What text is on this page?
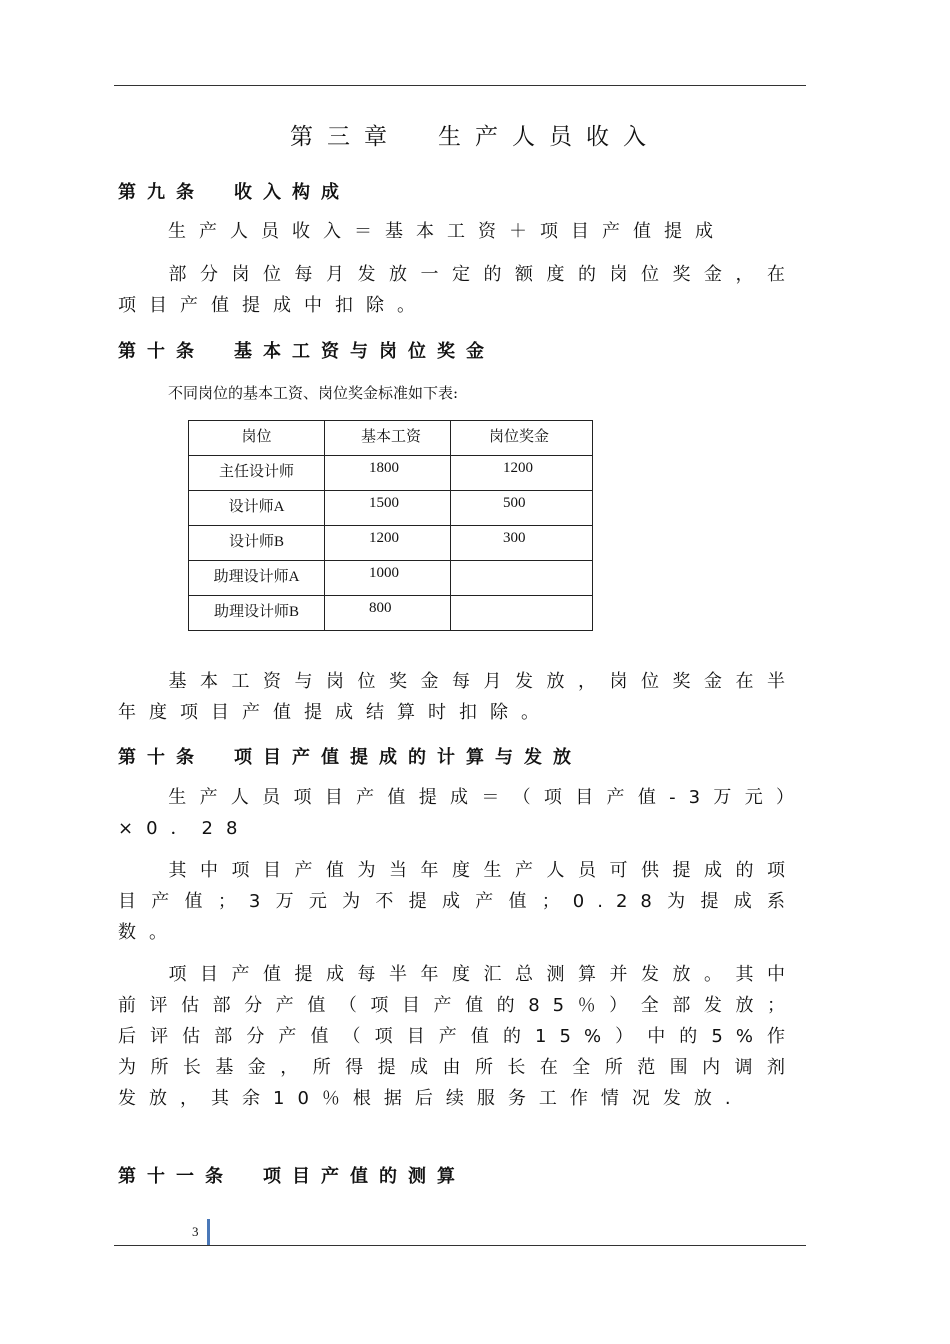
第三章　生产人员收入
第九条　收入构成
生产人员收入＝基本工资＋项目产值提成
部分岗位每月发放一定的额度的岗位奖金，在项目产值提成中扣除。
第十条　基本工资与岗位奖金
不同岗位的基本工资、岗位奖金标准如下表:
岗位	基本工资	岗位奖金
主任设计师	1800	1200
设计师A	1500	500
设计师B	1200	300
助理设计师A	1000	
助理设计师B	800	
基本工资与岗位奖金每月发放，岗位奖金在半年度项目产值提成结算时扣除。
第十条　项目产值提成的计算与发放
生产人员项目产值提成＝（项目产值-3万元）×0．28
其中项目产值为当年度生产人员可供提成的项目产值；3万元为不提成产值；0.28为提成系数。
项目产值提成每半年度汇总测算并发放。其中前评估部分产值（项目产值的85％）全部发放；后评估部分产值（项目产值的15%）中的5%作为所长基金，所得提成由所长在全所范围内调剂发放，其余10％根据后续服务工作情况发放.
第十一条　项目产值的测算
3
